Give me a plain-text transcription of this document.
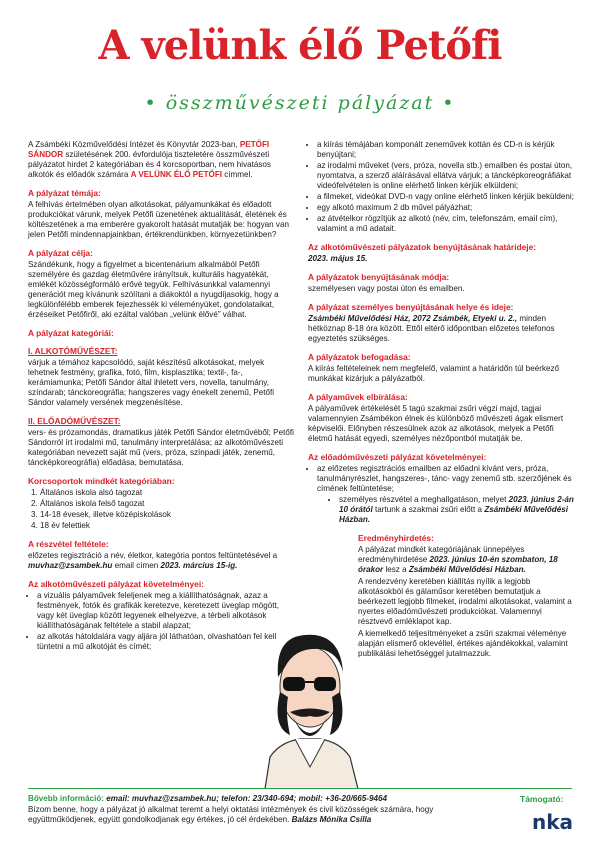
A velünk élő Petőfi
• összművészeti pályázat •

A Zsámbéki Közművelődési Intézet és Könyvtár 2023-ban, PETŐFI SÁNDOR születésének 200. évfordulója tiszteletére összművészeti pályázatot hirdet 2 kategóriában és 4 korcsoportban, nem hivatásos alkotók és előadók számára A VELÜNK ÉLŐ PETŐFI címmel.

A pályázat témája:

A felhívás értelmében olyan alkotásokat, pályamunkákat és előadott produkciókat várunk, melyek Petőfi üzenetének aktualitását, életének és költészetének a ma emberére gyakorolt hatását mutatják be: hogyan van jelen Petőfi mindennapjainkban, értékrendünkben, környezetünkben?

A pályázat célja:

Szándékunk, hogy a figyelmet a bicentenárium alkalmából Petőfi személyére és gazdag életművére irányítsuk, kulturális hagyatékát, emlékét közösségformáló erővé tegyük. Felhívásunkkal valamennyi generációt meg kívánunk szólítani a diákoktól a nyugdíjasokig, hogy a legkülönfélébb emberek fejezhessék ki véleményüket, gondolataikat, érzéseiket Petőfiről, aki ezáltal valóban „velünk élővé” válhat.

A pályázat kategóriái:
I. ALKOTÓMŰVÉSZET:

várjuk a témához kapcsolódó, saját készítésű alkotásokat, melyek lehetnek festmény, grafika, fotó, film, kisplasztika; textil-, fa-, kerámiamunka; Petőfi Sándor által ihletett vers, novella, tanulmány, színdarab; tánckoreográfia; hangszeres vagy énekelt zenemű, Petőfi Sándor valamely versének megzenésítése.

II. ELŐADÓMŰVÉSZET:

vers- és prózamondás, dramatikus játék Petőfi Sándor életművéből; Petőfi Sándorról írt irodalmi mű, tanulmány interpretálása; az alkotóművészeti kategóriában nevezett saját mű (vers, próza, színpadi játék, zenemű, táncképkoreográfia) előadása, bemutatása.

Korcsoportok mindkét kategóriában:
1. Általános iskola alsó tagozat
2. Általános iskola felső tagozat
3. 14-18 évesek, illetve középiskolások
4. 18 év felettiek
A részvétel feltétele:

előzetes regisztráció a név, életkor, kategória pontos feltüntetésével a muvhaz@zsambek.hu email címen 2023. március 15-ig.

Az alkotóművészeti pályázat követelményei:
• a vizuális pályaművek feleljenek meg a kiállíthatóságnak, azaz a festmények, fotók és grafikák keretezve, keretezett üveglap mögött, vagy két üveglap között legyenek elhelyezve, a térbeli alkotások kiállíthatóságának feltétele a stabil alapzat;
• az alkotás hátoldalára vagy aljára jól láthatóan, olvashatóan fel kell tüntetni a mű alkotóját és címét;
• a kiírás témájában komponált zeneművek kottán és CD-n is kérjük benyújtani;
• az irodalmi műveket (vers, próza, novella stb.) emailben és postai úton, nyomtatva, a szerző aláírásával ellátva várjuk; a táncképkoreográfiákat videófelvételen is online elérhető linken kérjük elküldeni;
• a filmeket, videókat DVD-n vagy online elérhető linken kérjük beküldeni;
• egy alkotó maximum 2 db művel pályázhat;
• az átvételkor rögzítjük az alkotó (név, cím, telefonszám, email cím), valamint a mű adatait.
Az alkotóművészeti pályázatok benyújtásának határideje:

2023. május 15.

A pályázatok benyújtásának módja:

személyesen vagy postai úton és emailben.

A pályázat személyes benyújtásának helye és ideje:

Zsámbéki Művelődési Ház, 2072 Zsámbék, Etyeki u. 2., minden hétköznap 8-18 óra között. Ettől eltérő időpontban előzetes telefonos egyeztetés szükséges.

A pályázatok befogadása:

A kiírás feltételeinek nem megfelelő, valamint a határidőn túl beérkező munkákat kizárjuk a pályázatból.

A pályaművek elbírálása:

A pályaművek értékelését 5 tagú szakmai zsűri végzi majd, tagjai valamennyien Zsámbékon élnek és különböző művészeti ágak elismert képviselői. Előnyben részesülnek azok az alkotások, melyek a Petőfi életmű hatását egyedi, személyes nézőpontból mutatják be.

Az előadóművészeti pályázat követelményei:
• az előzetes regisztrációs emailben az előadni kívánt vers, próza, tanulmányrészlet, hangszeres-, tánc- vagy zenemű stb. szerzőjének és címének feltüntetése;
• személyes részvétel a meghallgatáson, melyet 2023. június 2-án 10 órától tartunk a szakmai zsűri előtt a Zsámbéki Művelődési Házban.
Eredményhirdetés:

A pályázat mindkét kategóriájának ünnepélyes eredményhirdetése 2023. június 10-én szombaton, 18 órakor lesz a Zsámbéki Művelődési Házban.

A rendezvény keretében kiállítás nyílik a legjobb alkotásokból és gálaműsor keretében bemutatjuk a beérkezett legjobb filmeket, irodalmi alkotásokat, valamint a nyertes előadóművészeti produkciókat. Valamennyi résztvevő emléklapot kap.

A kiemelkedő teljesítményeket a zsűri szakmai véleménye alapján elismerő oklevéllel, értékes ajándékokkal, valamint publikálási lehetőséggel jutalmazzuk.

Bővebb információ: email: muvhaz@zsambek.hu; telefon: 23/340-694; mobil: +36-20/665-9464
Bízom benne, hogy a pályázat jó alkalmat teremt a helyi oktatási intézmények és civil közösségek számára, hogy együttműködjenek, együtt gondolkodjanak egy értékes, jó cél érdekében. Balázs Mónika Csilla
Támogató:
nka
